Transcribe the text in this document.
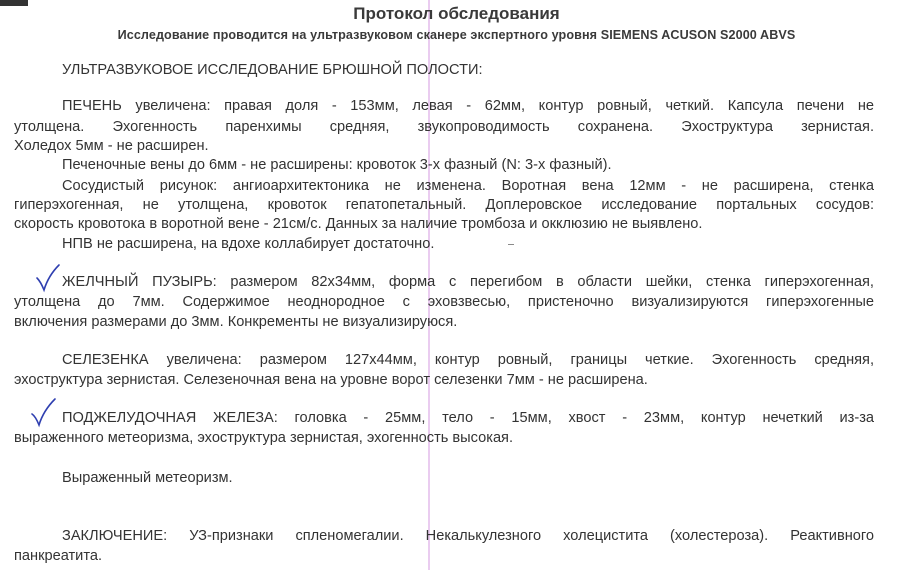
Протокол обследования
Исследование проводится на ультразвуковом сканере экспертного уровня SIEMENS ACUSON S2000 ABVS
УЛЬТРАЗВУКОВОЕ ИССЛЕДОВАНИЕ БРЮШНОЙ ПОЛОСТИ:
ПЕЧЕНЬ увеличена: правая доля - 153мм, левая - 62мм, контур ровный, четкий. Капсула печени не
утолщена. Эхогенность паренхимы средняя, звукопроводимость сохранена. Эхоструктура зернистая.
Холедох 5мм - не расширен.
Печеночные вены до 6мм - не расширены: кровоток 3-х фазный (N: 3-х фазный).
Сосудистый рисунок: ангиоархитектоника не изменена. Воротная вена 12мм - не расширена, стенка
гиперэхогенная, не утолщена, кровоток гепатопетальный. Доплеровское исследование портальных сосудов:
скорость кровотока в воротной вене - 21см/с. Данных за наличие тромбоза и окклюзию не выявлено.
НПВ не расширена, на вдохе коллабирует достаточно.
ЖЕЛЧНЫЙ ПУЗЫРЬ: размером 82х34мм, форма с перегибом в области шейки, стенка гиперэхогенная,
утолщена до 7мм. Содержимое неоднородное с эховзвесью, пристеночно визуализируются гиперэхогенные
включения размерами до 3мм. Конкременты не визуализируюся.
СЕЛЕЗЕНКА увеличена: размером 127х44мм, контур ровный, границы четкие. Эхогенность средняя,
эхоструктура зернистая. Селезеночная вена на уровне ворот селезенки 7мм - не расширена.
ПОДЖЕЛУДОЧНАЯ ЖЕЛЕЗА: головка - 25мм, тело - 15мм, хвост - 23мм, контур нечеткий из-за
выраженного метеоризма, эхоструктура зернистая, эхогенность высокая.
Выраженный метеоризм.
ЗАКЛЮЧЕНИЕ: УЗ-признаки спленомегалии. Некалькулезного холецистита (холестероза). Реактивного
панкреатита.
